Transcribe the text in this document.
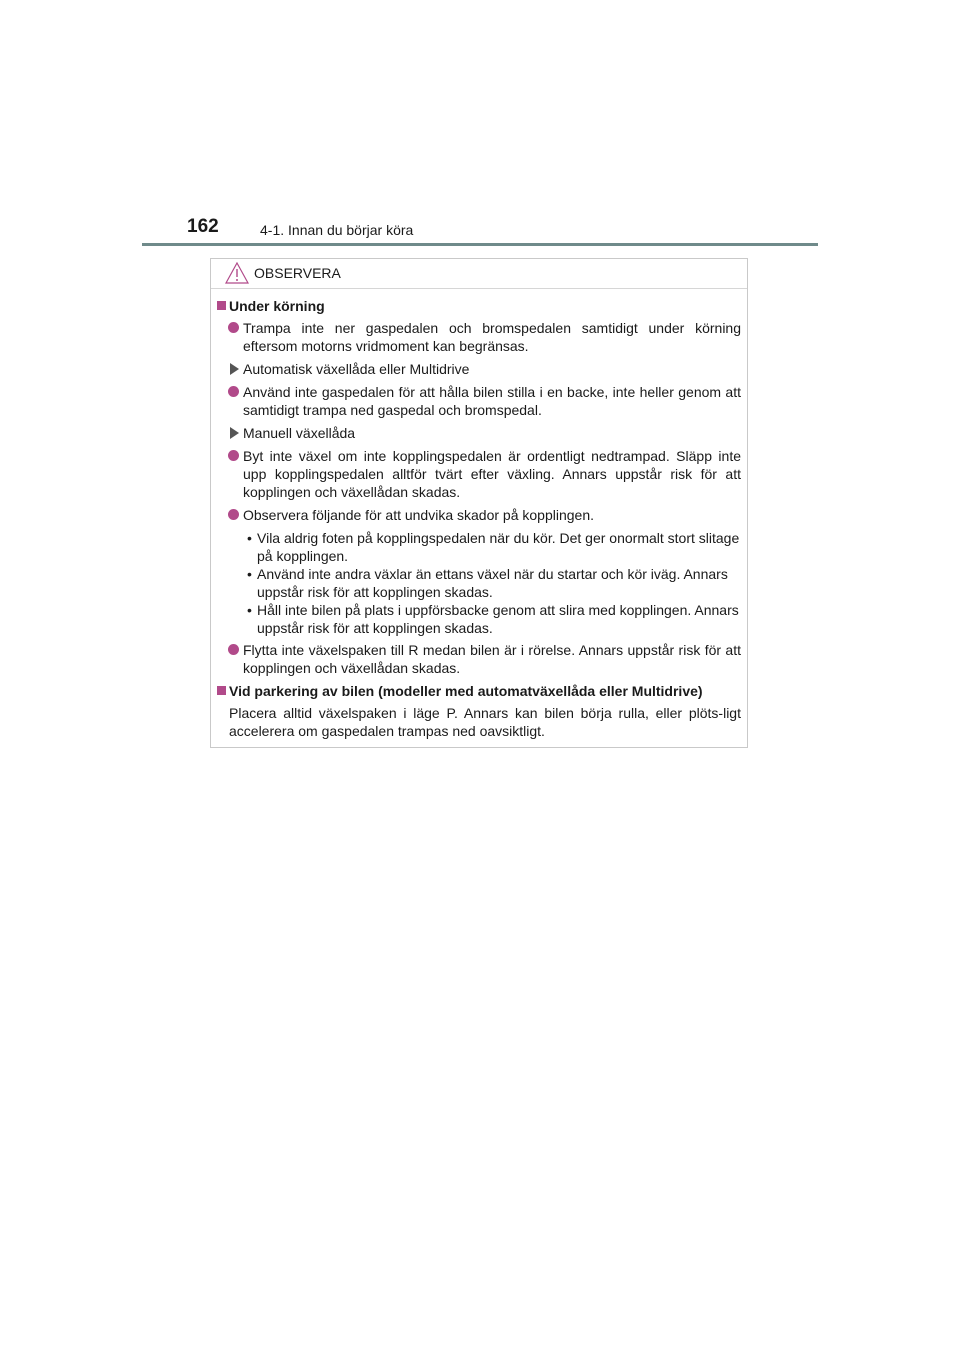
162	4-1. Innan du börjar köra
OBSERVERA
Under körning
Trampa inte ner gaspedalen och bromspedalen samtidigt under körning eftersom motorns vridmoment kan begränsas.
Automatisk växellåda eller Multidrive
Använd inte gaspedalen för att hålla bilen stilla i en backe, inte heller genom att samtidigt trampa ned gaspedal och bromspedal.
Manuell växellåda
Byt inte växel om inte kopplingspedalen är ordentligt nedtrampad. Släpp inte upp kopplingspedalen alltför tvärt efter växling. Annars uppstår risk för att kopplingen och växellådan skadas.
Observera följande för att undvika skador på kopplingen.
• Vila aldrig foten på kopplingspedalen när du kör. Det ger onormalt stort slitage på kopplingen.
• Använd inte andra växlar än ettans växel när du startar och kör iväg. Annars uppstår risk för att kopplingen skadas.
• Håll inte bilen på plats i uppförsbacke genom att slira med kopplingen. Annars uppstår risk för att kopplingen skadas.
Flytta inte växelspaken till R medan bilen är i rörelse. Annars uppstår risk för att kopplingen och växellådan skadas.
Vid parkering av bilen (modeller med automatväxellåda eller Multidrive)
Placera alltid växelspaken i läge P. Annars kan bilen börja rulla, eller plöts-ligt accelerera om gaspedalen trampas ned oavsiktligt.
